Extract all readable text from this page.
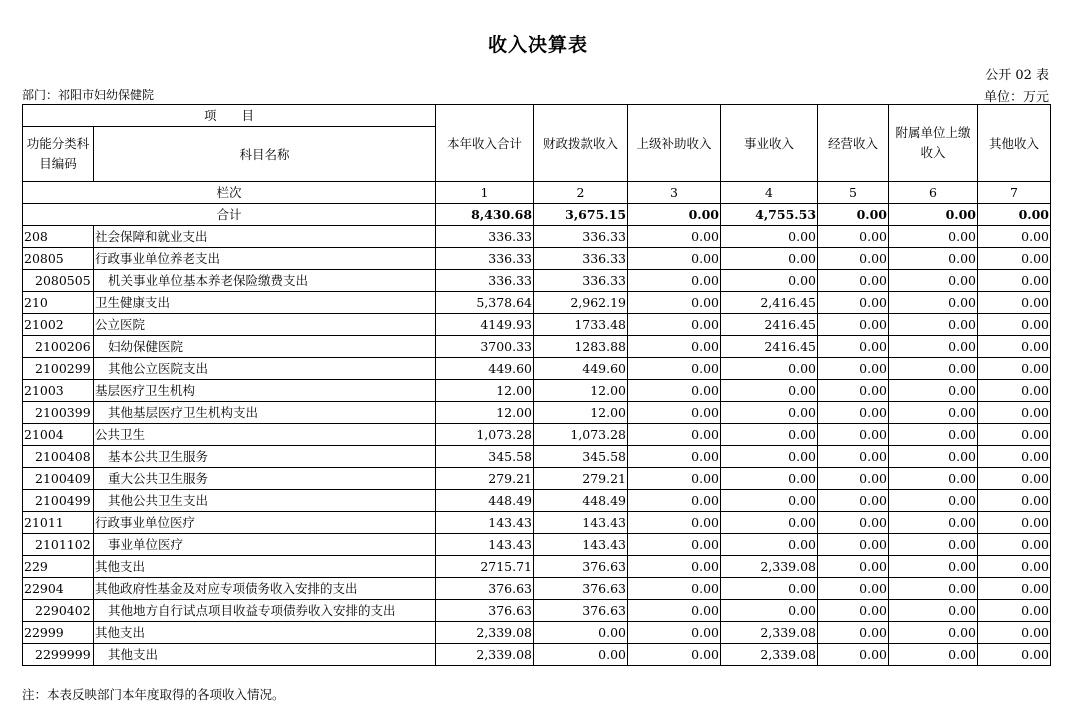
收入决算表
公开 02 表
部门：祁阳市妇幼保健院	单位：万元
项　　目		本年收入合计	财政拨款收入	上级补助收入	事业收入	经营收入	附属单位上缴收入	其他收入
功能分类科目编码	科目名称							
栏次		1	2	3	4	5	6	7
合计		8,430.68	3,675.15	0.00	4,755.53	0.00	0.00	0.00
208	社会保障和就业支出	336.33	336.33	0.00	0.00	0.00	0.00	0.00
20805	行政事业单位养老支出	336.33	336.33	0.00	0.00	0.00	0.00	0.00
2080505	机关事业单位基本养老保险缴费支出	336.33	336.33	0.00	0.00	0.00	0.00	0.00
210	卫生健康支出	5,378.64	2,962.19	0.00	2,416.45	0.00	0.00	0.00
21002	公立医院	4149.93	1733.48	0.00	2416.45	0.00	0.00	0.00
2100206	妇幼保健医院	3700.33	1283.88	0.00	2416.45	0.00	0.00	0.00
2100299	其他公立医院支出	449.60	449.60	0.00	0.00	0.00	0.00	0.00
21003	基层医疗卫生机构	12.00	12.00	0.00	0.00	0.00	0.00	0.00
2100399	其他基层医疗卫生机构支出	12.00	12.00	0.00	0.00	0.00	0.00	0.00
21004	公共卫生	1,073.28	1,073.28	0.00	0.00	0.00	0.00	0.00
2100408	基本公共卫生服务	345.58	345.58	0.00	0.00	0.00	0.00	0.00
2100409	重大公共卫生服务	279.21	279.21	0.00	0.00	0.00	0.00	0.00
2100499	其他公共卫生支出	448.49	448.49	0.00	0.00	0.00	0.00	0.00
21011	行政事业单位医疗	143.43	143.43	0.00	0.00	0.00	0.00	0.00
2101102	事业单位医疗	143.43	143.43	0.00	0.00	0.00	0.00	0.00
229	其他支出	2715.71	376.63	0.00	2,339.08	0.00	0.00	0.00
22904	其他政府性基金及对应专项债务收入安排的支出	376.63	376.63	0.00	0.00	0.00	0.00	0.00
2290402	其他地方自行试点项目收益专项债券收入安排的支出	376.63	376.63	0.00	0.00	0.00	0.00	0.00
22999	其他支出	2,339.08	0.00	0.00	2,339.08	0.00	0.00	0.00
2299999	其他支出	2,339.08	0.00	0.00	2,339.08	0.00	0.00	0.00
注：本表反映部门本年度取得的各项收入情况。
